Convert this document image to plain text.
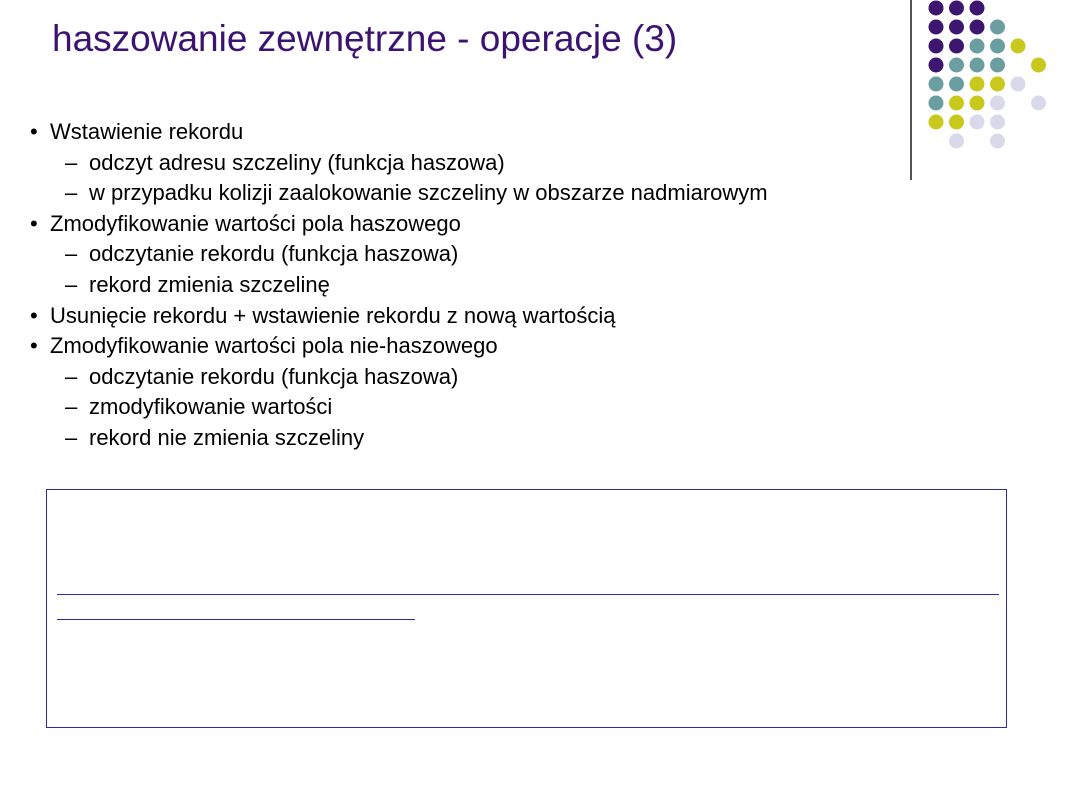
haszowanie zewnętrzne - operacje (3)
• Wstawienie rekordu
– odczyt adresu szczeliny (funkcja haszowa)
– w przypadku kolizji zaalokowanie szczeliny w obszarze nadmiarowym
• Zmodyfikowanie wartości pola haszowego
– odczytanie rekordu (funkcja haszowa)
– rekord zmienia szczelinę
• Usunięcie rekordu + wstawienie rekordu z nową wartością
• Zmodyfikowanie wartości pola nie-haszowego
– odczytanie rekordu (funkcja haszowa)
– zmodyfikowanie wartości
– rekord nie zmienia szczeliny
